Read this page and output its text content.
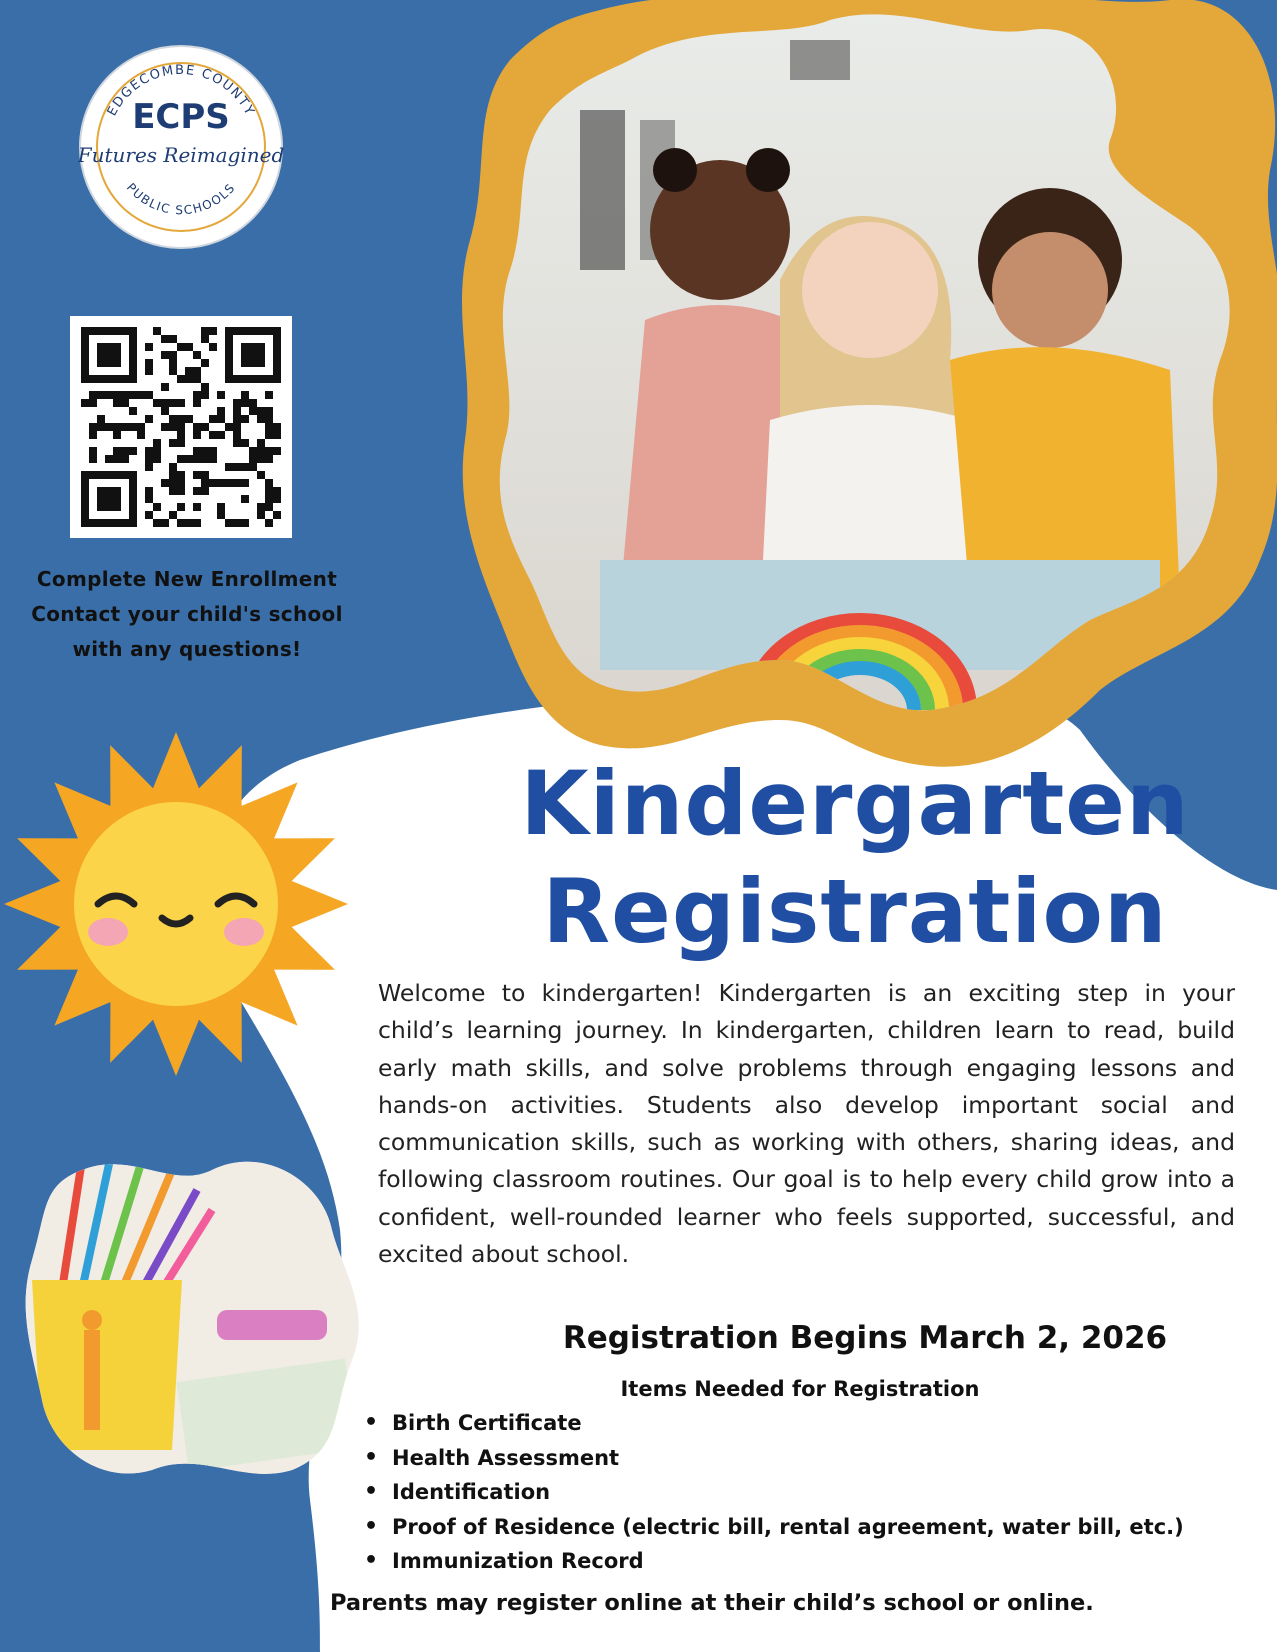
EDGECOMBE COUNTY
ECPS
Futures Reimagined
PUBLIC SCHOOLS
Complete New Enrollment
Contact your child's school
with any questions!
Kindergarten
Registration

Welcome to kindergarten! Kindergarten is an exciting step in your child’s learning journey. In kindergarten, children learn to read, build early math skills, and solve problems through engaging lessons and hands-on activities. Students also develop important social and communication skills, such as working with others, sharing ideas, and following classroom routines. Our goal is to help every child grow into a confident, well-rounded learner who feels supported, successful, and excited about school.

Registration Begins March 2, 2026
Items Needed for Registration
• Birth Certificate
• Health Assessment
• Identification
• Proof of Residence (electric bill, rental agreement, water bill, etc.)
• Immunization Record
Parents may register online at their child’s school or online.
